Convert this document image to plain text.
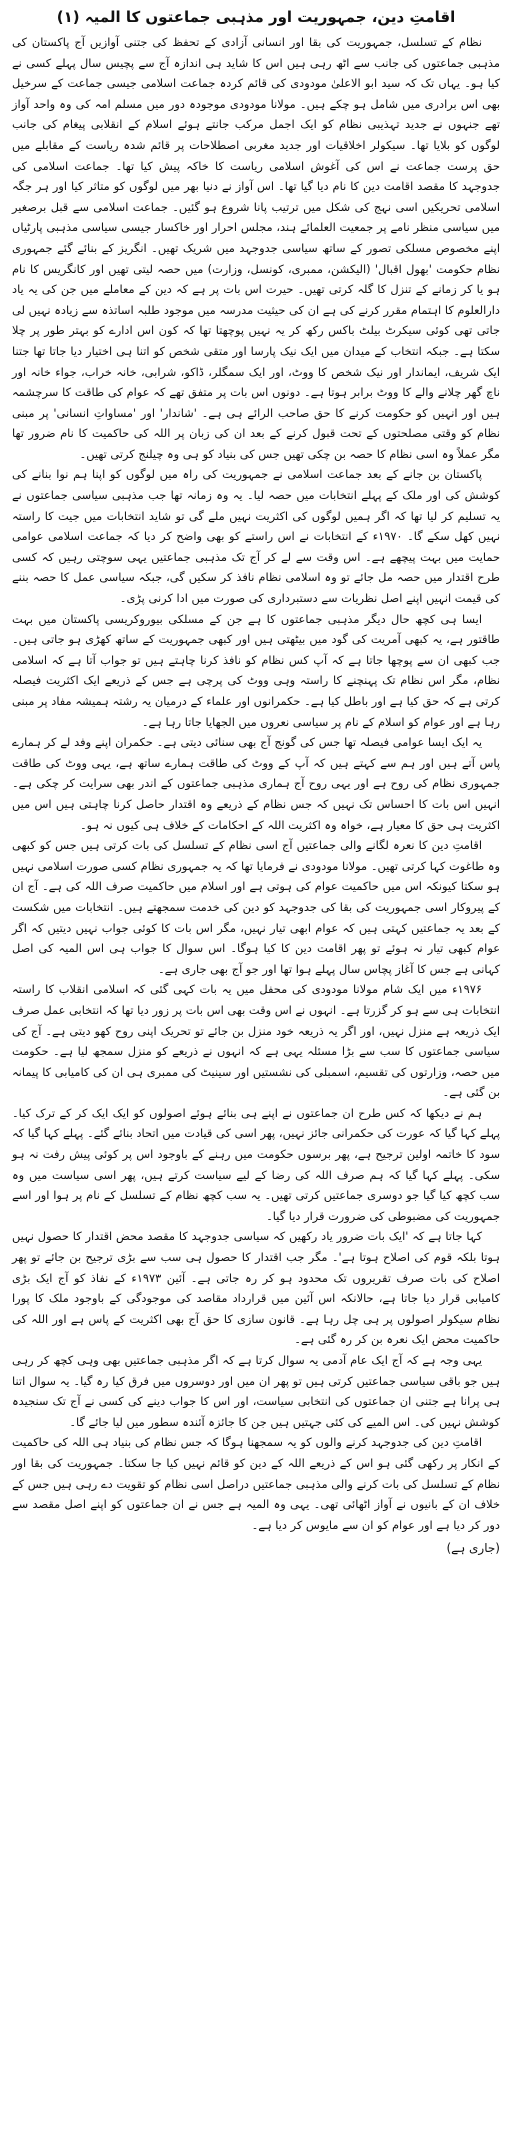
اقامتِ دین، جمہوریت اور مذہبی جماعتوں کا المیہ (۱)

نظام کے تسلسل، جمہوریت کی بقا اور انسانی آزادی کے تحفظ کی جتنی آوازیں آج پاکستان کی مذہبی جماعتوں کی جانب سے اٹھ رہی ہیں اس کا شاید ہی اندازہ آج سے پچیس سال پہلے کسی نے کیا ہو۔ یہاں تک کہ سید ابو الاعلیٰ مودودی کی قائم کردہ جماعت اسلامی جیسی جماعت کے سرخیل بھی اس برادری میں شامل ہو چکے ہیں۔ مولانا مودودی موجودہ دور میں مسلم امہ کی وہ واحد آواز تھے جنہوں نے جدید تہذیبی نظام کو ایک اجمل مرکب جانتے ہوئے اسلام کے انقلابی پیغام کی جانب لوگوں کو بلایا تھا۔ سیکولر اخلاقیات اور جدید مغربی اصطلاحات پر قائم شدہ ریاست کے مقابلے میں حق پرست جماعت نے اس کی آغوش اسلامی ریاست کا خاکہ پیش کیا تھا۔ جماعت اسلامی کی جدوجہد کا مقصد اقامت دین کا نام دیا گیا تھا۔ اس آواز نے دنیا بھر میں لوگوں کو متاثر کیا اور ہر جگہ اسلامی تحریکیں اسی نہج کی شکل میں ترتیب پانا شروع ہو گئیں۔ جماعت اسلامی سے قبل برصغیر میں سیاسی منظر نامے پر جمعیت العلمائے ہند، مجلس احرار اور خاکسار جیسی سیاسی مذہبی پارٹیاں اپنے مخصوص مسلکی تصور کے ساتھ سیاسی جدوجہد میں شریک تھیں۔ انگریز کے بنائے گئے جمہوری نظام حکومت 'بھول اقبال' (الیکشن، ممبری، کونسل، وزارت) میں حصہ لیتی تھیں اور کانگریس کا نام ہو یا کر زمانے کے تنزل کا گلہ کرتی تھیں۔ حیرت اس بات پر ہے کہ دین کے معاملے میں جن کی یہ یاد دارالعلوم کا اہتمام مقرر کرنے کی ہے ان کی حیثیت مدرسہ میں موجود طلبہ اساتذہ سے زیادہ نہیں لی جاتی تھی کوئی سیکرٹ بیلٹ باکس رکھ کر یہ نہیں پوچھتا تھا کہ کون اس ادارے کو بہتر طور پر چلا سکتا ہے۔ جبکہ انتخاب کے میدان میں ایک نیک پارسا اور متقی شخص کو اتنا ہی اختیار دیا جاتا تھا جتنا ایک شریف، ایماندار اور نیک شخص کا ووٹ، اور ایک سمگلر، ڈاکو، شرابی، خانہ خراب، جواء خانہ اور ناچ گھر چلانے والے کا ووٹ برابر ہوتا ہے۔ دونوں اس بات پر متفق تھے کہ عوام کی طاقت کا سرچشمہ ہیں اور انہیں کو حکومت کرنے کا حق صاحب الرائے ہی ہے۔ 'شاندار' اور 'مساواتِ انسانی' پر مبنی نظام کو وقتی مصلحتوں کے تحت قبول کرنے کے بعد ان کی زبان پر اللہ کی حاکمیت کا نام ضرور تھا مگر عملاً وہ اسی نظام کا حصہ بن چکی تھیں جس کی بنیاد کو ہی وہ چیلنج کرتی تھیں۔

پاکستان بن جانے کے بعد جماعت اسلامی نے جمہوریت کی راہ میں لوگوں کو اپنا ہم نوا بنانے کی کوشش کی اور ملک کے پہلے انتخابات میں حصہ لیا۔ یہ وہ زمانہ تھا جب مذہبی سیاسی جماعتوں نے یہ تسلیم کر لیا تھا کہ اگر ہمیں لوگوں کی اکثریت نہیں ملے گی تو شاید انتخابات میں جیت کا راستہ نہیں کھل سکے گا۔ ۱۹۷۰ء کے انتخابات نے اس راستے کو بھی واضح کر دیا کہ جماعت اسلامی عوامی حمایت میں بہت پیچھے ہے۔ اس وقت سے لے کر آج تک مذہبی جماعتیں یہی سوچتی رہیں کہ کسی طرح اقتدار میں حصہ مل جائے تو وہ اسلامی نظام نافذ کر سکیں گی، جبکہ سیاسی عمل کا حصہ بننے کی قیمت انہیں اپنے اصل نظریات سے دستبرداری کی صورت میں ادا کرنی پڑی۔

ایسا ہی کچھ حال دیگر مذہبی جماعتوں کا ہے جن کے مسلکی بیوروکریسی پاکستان میں بہت طاقتور ہے، یہ کبھی آمریت کی گود میں بیٹھتی ہیں اور کبھی جمہوریت کے ساتھ کھڑی ہو جاتی ہیں۔ جب کبھی ان سے پوچھا جاتا ہے کہ آپ کس نظام کو نافذ کرنا چاہتے ہیں تو جواب آتا ہے کہ اسلامی نظام، مگر اس نظام تک پہنچنے کا راستہ وہی ووٹ کی پرچی ہے جس کے ذریعے ایک اکثریت فیصلہ کرتی ہے کہ حق کیا ہے اور باطل کیا ہے۔ حکمرانوں اور علماء کے درمیان یہ رشتہ ہمیشہ مفاد پر مبنی رہا ہے اور عوام کو اسلام کے نام پر سیاسی نعروں میں الجھایا جاتا رہا ہے۔

یہ ایک ایسا عوامی فیصلہ تھا جس کی گونج آج بھی سنائی دیتی ہے۔ حکمران اپنے وفد لے کر ہمارے پاس آتے ہیں اور ہم سے کہتے ہیں کہ آپ کے ووٹ کی طاقت ہمارے ساتھ ہے، یہی ووٹ کی طاقت جمہوری نظام کی روح ہے اور یہی روح آج ہماری مذہبی جماعتوں کے اندر بھی سرایت کر چکی ہے۔ انہیں اس بات کا احساس تک نہیں کہ جس نظام کے ذریعے وہ اقتدار حاصل کرنا چاہتی ہیں اس میں اکثریت ہی حق کا معیار ہے، خواہ وہ اکثریت اللہ کے احکامات کے خلاف ہی کیوں نہ ہو۔

اقامتِ دین کا نعرہ لگانے والی جماعتیں آج اسی نظام کے تسلسل کی بات کرتی ہیں جس کو کبھی وہ طاغوت کہا کرتی تھیں۔ مولانا مودودی نے فرمایا تھا کہ یہ جمہوری نظام کسی صورت اسلامی نہیں ہو سکتا کیونکہ اس میں حاکمیت عوام کی ہوتی ہے اور اسلام میں حاکمیت صرف اللہ کی ہے۔ آج ان کے پیروکار اسی جمہوریت کی بقا کی جدوجہد کو دین کی خدمت سمجھتے ہیں۔ انتخابات میں شکست کے بعد یہ جماعتیں کہتی ہیں کہ عوام ابھی تیار نہیں، مگر اس بات کا کوئی جواب نہیں دیتیں کہ اگر عوام کبھی تیار نہ ہوئے تو پھر اقامت دین کا کیا ہوگا۔ اس سوال کا جواب ہی اس المیہ کی اصل کہانی ہے جس کا آغاز پچاس سال پہلے ہوا تھا اور جو آج بھی جاری ہے۔

۱۹۷۶ء میں ایک شام مولانا مودودی کی محفل میں یہ بات کہی گئی کہ اسلامی انقلاب کا راستہ انتخابات ہی سے ہو کر گزرتا ہے۔ انہوں نے اس وقت بھی اس بات پر زور دیا تھا کہ انتخابی عمل صرف ایک ذریعہ ہے منزل نہیں، اور اگر یہ ذریعہ خود منزل بن جائے تو تحریک اپنی روح کھو دیتی ہے۔ آج کی سیاسی جماعتوں کا سب سے بڑا مسئلہ یہی ہے کہ انہوں نے ذریعے کو منزل سمجھ لیا ہے۔ حکومت میں حصہ، وزارتوں کی تقسیم، اسمبلی کی نشستیں اور سینیٹ کی ممبری ہی ان کی کامیابی کا پیمانہ بن گئی ہے۔

ہم نے دیکھا کہ کس طرح ان جماعتوں نے اپنے ہی بنائے ہوئے اصولوں کو ایک ایک کر کے ترک کیا۔ پہلے کہا گیا کہ عورت کی حکمرانی جائز نہیں، پھر اسی کی قیادت میں اتحاد بنائے گئے۔ پہلے کہا گیا کہ سود کا خاتمہ اولین ترجیح ہے، پھر برسوں حکومت میں رہنے کے باوجود اس پر کوئی پیش رفت نہ ہو سکی۔ پہلے کہا گیا کہ ہم صرف اللہ کی رضا کے لیے سیاست کرتے ہیں، پھر اسی سیاست میں وہ سب کچھ کیا گیا جو دوسری جماعتیں کرتی تھیں۔ یہ سب کچھ نظام کے تسلسل کے نام پر ہوا اور اسے جمہوریت کی مضبوطی کی ضرورت قرار دیا گیا۔

کہا جاتا ہے کہ 'ایک بات ضرور یاد رکھیں کہ سیاسی جدوجہد کا مقصد محض اقتدار کا حصول نہیں ہوتا بلکہ قوم کی اصلاح ہوتا ہے'۔ مگر جب اقتدار کا حصول ہی سب سے بڑی ترجیح بن جائے تو پھر اصلاح کی بات صرف تقریروں تک محدود ہو کر رہ جاتی ہے۔ آئین ۱۹۷۳ء کے نفاذ کو آج ایک بڑی کامیابی قرار دیا جاتا ہے، حالانکہ اس آئین میں قرارداد مقاصد کی موجودگی کے باوجود ملک کا پورا نظام سیکولر اصولوں پر ہی چل رہا ہے۔ قانون سازی کا حق آج بھی اکثریت کے پاس ہے اور اللہ کی حاکمیت محض ایک نعرہ بن کر رہ گئی ہے۔

یہی وجہ ہے کہ آج ایک عام آدمی یہ سوال کرتا ہے کہ اگر مذہبی جماعتیں بھی وہی کچھ کر رہی ہیں جو باقی سیاسی جماعتیں کرتی ہیں تو پھر ان میں اور دوسروں میں فرق کیا رہ گیا۔ یہ سوال اتنا ہی پرانا ہے جتنی ان جماعتوں کی انتخابی سیاست، اور اس کا جواب دینے کی کسی نے آج تک سنجیدہ کوشش نہیں کی۔ اس المیے کی کئی جہتیں ہیں جن کا جائزہ آئندہ سطور میں لیا جائے گا۔

اقامتِ دین کی جدوجہد کرنے والوں کو یہ سمجھنا ہوگا کہ جس نظام کی بنیاد ہی اللہ کی حاکمیت کے انکار پر رکھی گئی ہو اس کے ذریعے اللہ کے دین کو قائم نہیں کیا جا سکتا۔ جمہوریت کی بقا اور نظام کے تسلسل کی بات کرنے والی مذہبی جماعتیں دراصل اسی نظام کو تقویت دے رہی ہیں جس کے خلاف ان کے بانیوں نے آواز اٹھائی تھی۔ یہی وہ المیہ ہے جس نے ان جماعتوں کو اپنے اصل مقصد سے دور کر دیا ہے اور عوام کو ان سے مایوس کر دیا ہے۔

(جاری ہے)
